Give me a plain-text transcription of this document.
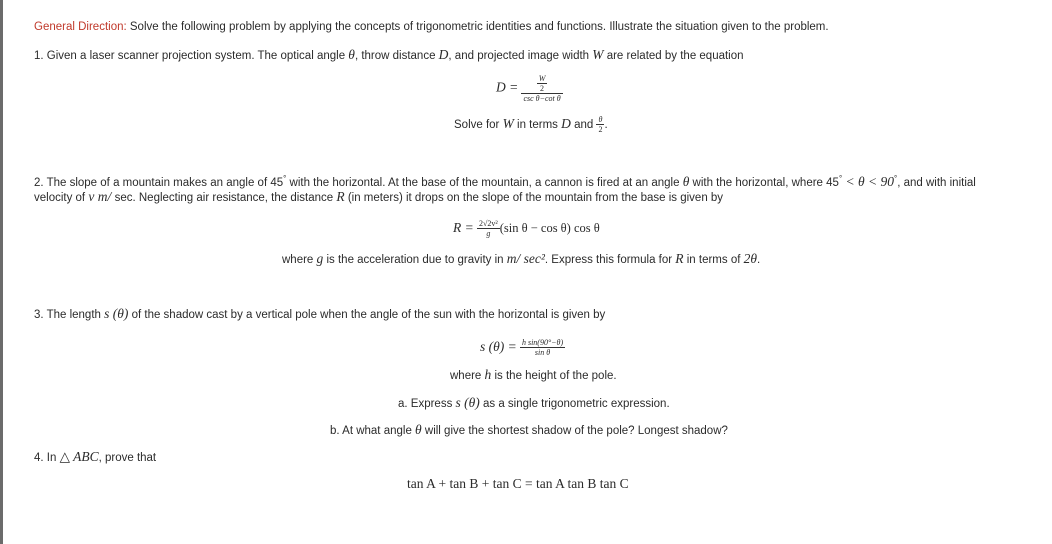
General Direction: Solve the following problem by applying the concepts of trigonometric identities and functions. Illustrate the situation given to the problem.
1. Given a laser scanner projection system. The optical angle θ, throw distance D, and projected image width W are related by the equation
$D = \frac{\frac{W}{2}}{\text{csc θ−cot θ}}$
Solve for W in terms D and $\frac{\theta}{2}$ .
2. The slope of a mountain makes an angle of 45° with the horizontal. At the base of the mountain, a cannon is fired at an angle θ with the horizontal, where 45° < θ < 90°, and with initial
velocity of v m/ sec. Neglecting air resistance, the distance R (in meters) it drops on the slope of the mountain from the base is given by
$R = \frac{\text{2√2v²}}{g} (\sin$ θ − cos θ) cos θ
where g is the acceleration due to gravity in m/ sec². Express this formula for R in terms of 2θ.
3. The length s (θ) of the shadow cast by a vertical pole when the angle of the sun with the horizontal is given by
s $(\theta) = \frac{\text{h sin(90°−θ)}}{\text{sin θ}}$
where h is the height of the pole.
a. Express s (θ) as a single trigonometric expression.
b. At what angle θ will give the shortest shadow of the pole? Longest shadow?
4. In △ ABC, prove that
tan A + tan B + tan C = tan A tan B tan C
